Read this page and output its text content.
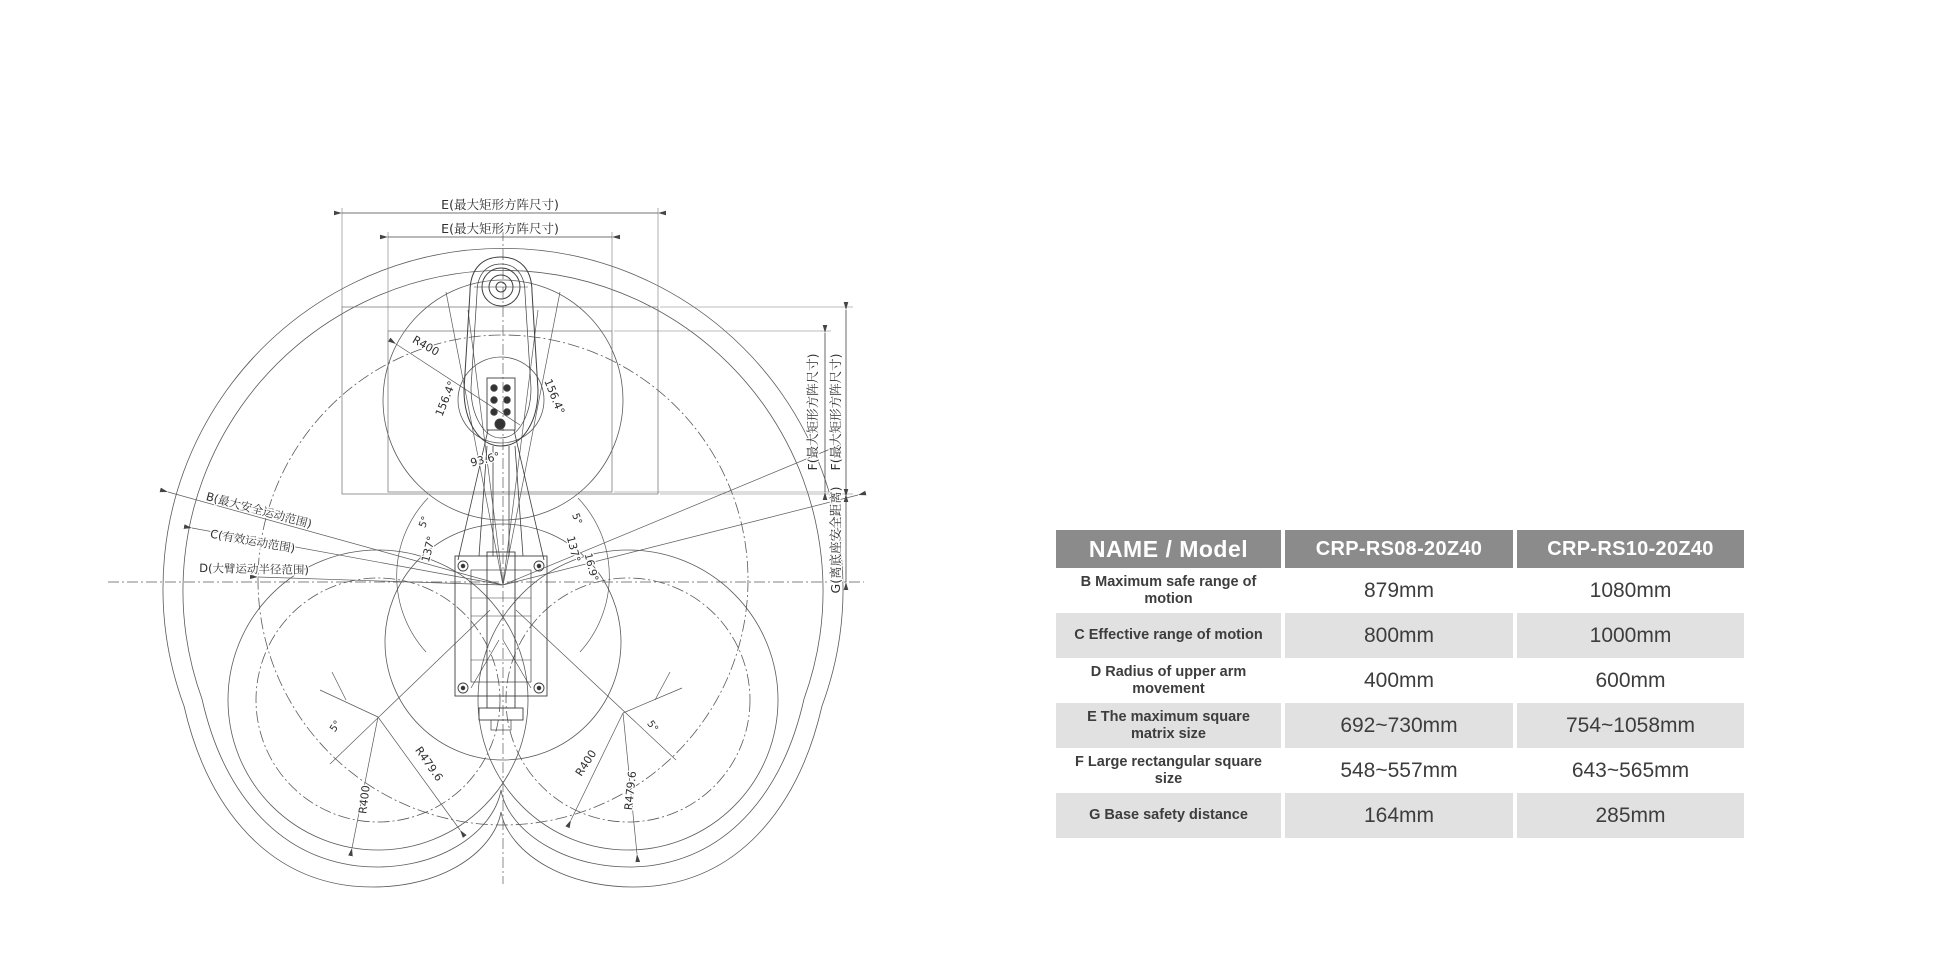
E(最大矩形方阵尺寸)
E(最大矩形方阵尺寸)
F(最大矩形方阵尺寸) F(最大矩形方阵尺寸)
G(离底座安全距离)
B(最大安全运动范围)
C(有效运动范围)
D(大臂运动半径范围)
R400
156.4°	156.4°
93.6°
137°	137°
5°	5°
16.9°
5°
R400
R479.6
5°
R400
R479.6
NAME / Model	CRP-RS08-20Z40	CRP-RS10-20Z40
B Maximum safe range of motion	879mm	1080mm
C Effective range of motion	800mm	1000mm
D Radius of upper arm movement	400mm	600mm
E The maximum square matrix size	692~730mm	754~1058mm
F Large rectangular square size	548~557mm	643~565mm
G Base safety distance	164mm	285mm
